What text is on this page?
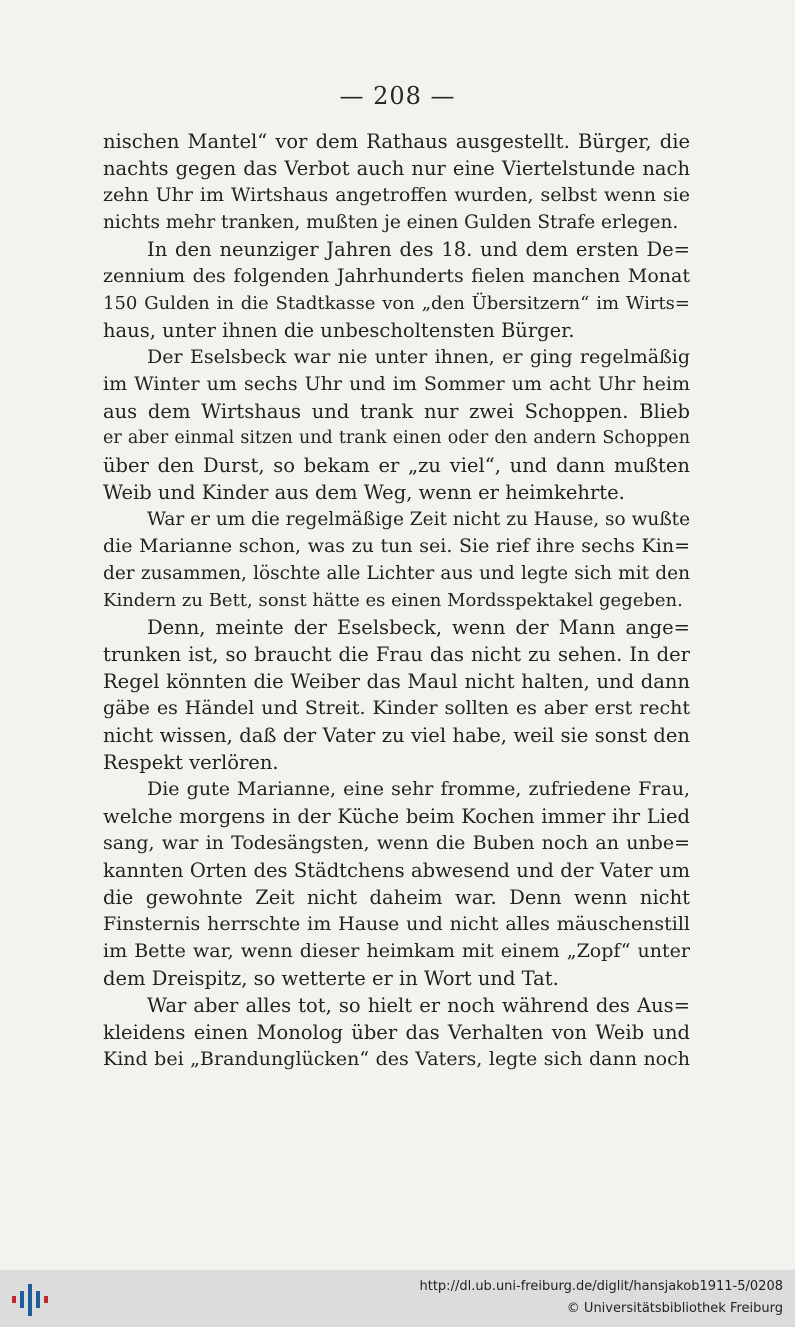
— 208 —
nischen Mantel“ vor dem Rathaus ausgestellt. Bürger, die
nachts gegen das Verbot auch nur eine Viertelstunde nach
zehn Uhr im Wirtshaus angetroffen wurden, selbst wenn sie
nichts mehr tranken, mußten je einen Gulden Strafe erlegen.
In den neunziger Jahren des 18. und dem ersten De=
zennium des folgenden Jahrhunderts fielen manchen Monat
150 Gulden in die Stadtkasse von „den Übersitzern“ im Wirts=
haus, unter ihnen die unbescholtensten Bürger.
Der Eselsbeck war nie unter ihnen, er ging regelmäßig
im Winter um sechs Uhr und im Sommer um acht Uhr heim
aus dem Wirtshaus und trank nur zwei Schoppen. Blieb
er aber einmal sitzen und trank einen oder den andern Schoppen
über den Durst, so bekam er „zu viel“, und dann mußten
Weib und Kinder aus dem Weg, wenn er heimkehrte.
War er um die regelmäßige Zeit nicht zu Hause, so wußte
die Marianne schon, was zu tun sei. Sie rief ihre sechs Kin=
der zusammen, löschte alle Lichter aus und legte sich mit den
Kindern zu Bett, sonst hätte es einen Mordsspektakel gegeben.
Denn, meinte der Eselsbeck, wenn der Mann ange=
trunken ist, so braucht die Frau das nicht zu sehen. In der
Regel könnten die Weiber das Maul nicht halten, und dann
gäbe es Händel und Streit. Kinder sollten es aber erst recht
nicht wissen, daß der Vater zu viel habe, weil sie sonst den
Respekt verlören.
Die gute Marianne, eine sehr fromme, zufriedene Frau,
welche morgens in der Küche beim Kochen immer ihr Lied
sang, war in Todesängsten, wenn die Buben noch an unbe=
kannten Orten des Städtchens abwesend und der Vater um
die gewohnte Zeit nicht daheim war. Denn wenn nicht
Finsternis herrschte im Hause und nicht alles mäuschenstill
im Bette war, wenn dieser heimkam mit einem „Zopf“ unter
dem Dreispitz, so wetterte er in Wort und Tat.
War aber alles tot, so hielt er noch während des Aus=
kleidens einen Monolog über das Verhalten von Weib und
Kind bei „Brandunglücken“ des Vaters, legte sich dann noch
http://dl.ub.uni-freiburg.de/diglit/hansjakob1911-5/0208
© Universitätsbibliothek Freiburg
